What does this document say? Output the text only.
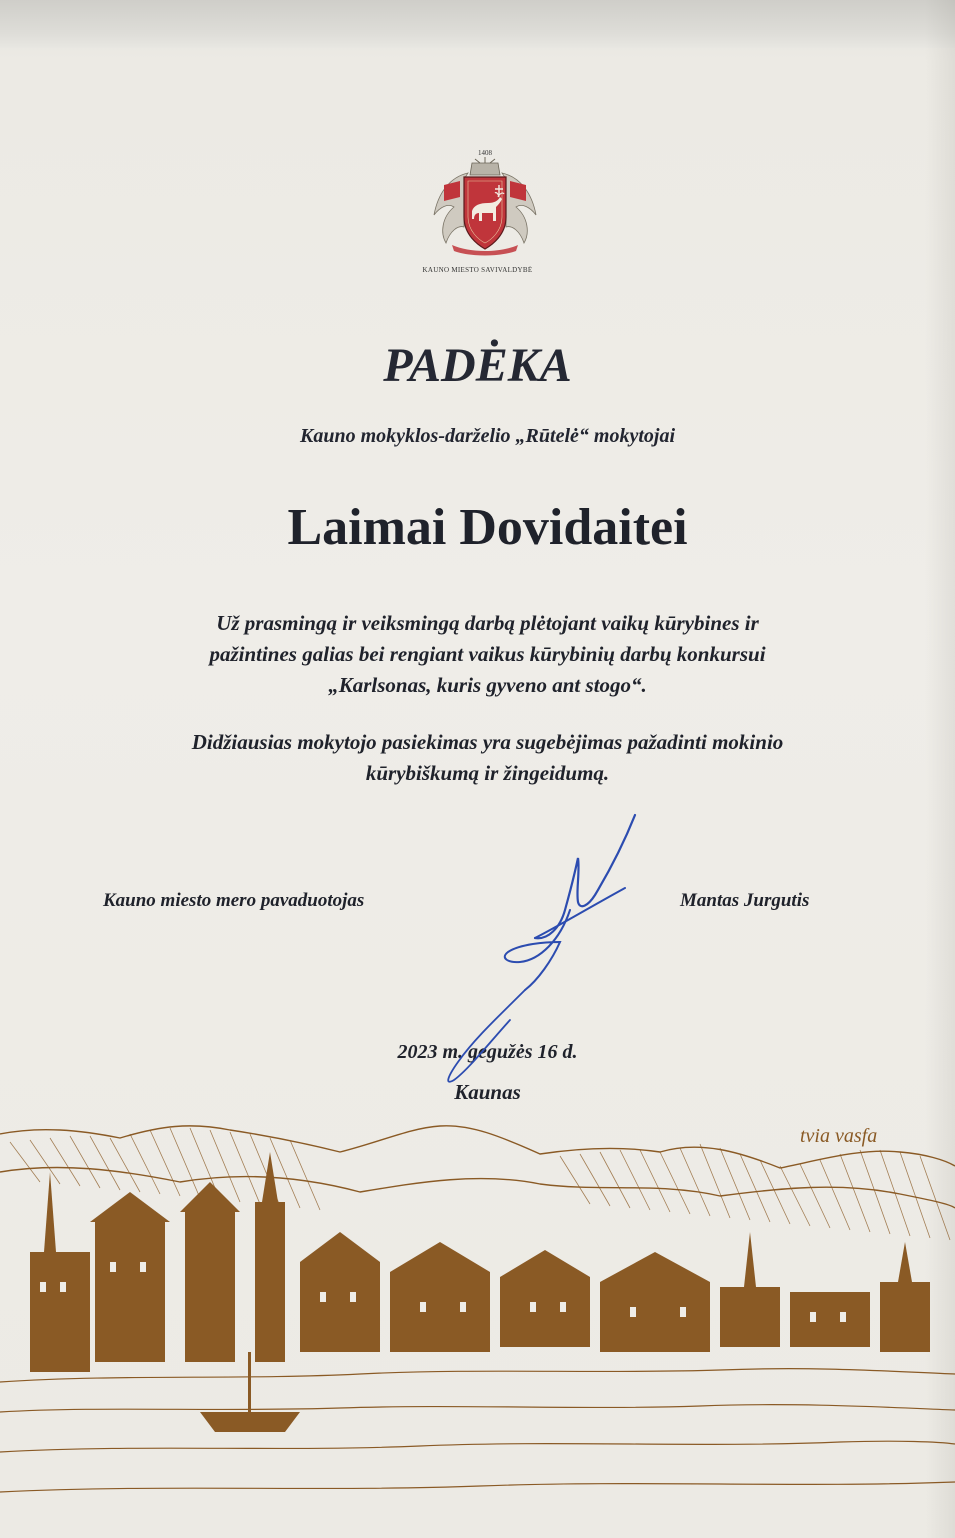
1408
KAUNO MIESTO SAVIVALDYBĖ
PADĖKA
Kauno mokyklos-darželio „Rūtelė“ mokytojai
Laimai Dovidaitei
Už prasmingą ir veiksmingą darbą plėtojant vaikų kūrybines ir
pažintines galias bei rengiant vaikus kūrybinių darbų konkursui
„Karlsonas, kuris gyveno ant stogo“.
Didžiausias mokytojo pasiekimas yra sugebėjimas pažadinti mokinio
kūrybiškumą ir žingeidumą.
Kauno miesto mero pavaduotojas	Mantas Jurgutis
2023 m. gegužės 16 d.
Kaunas
tvia vasfa
